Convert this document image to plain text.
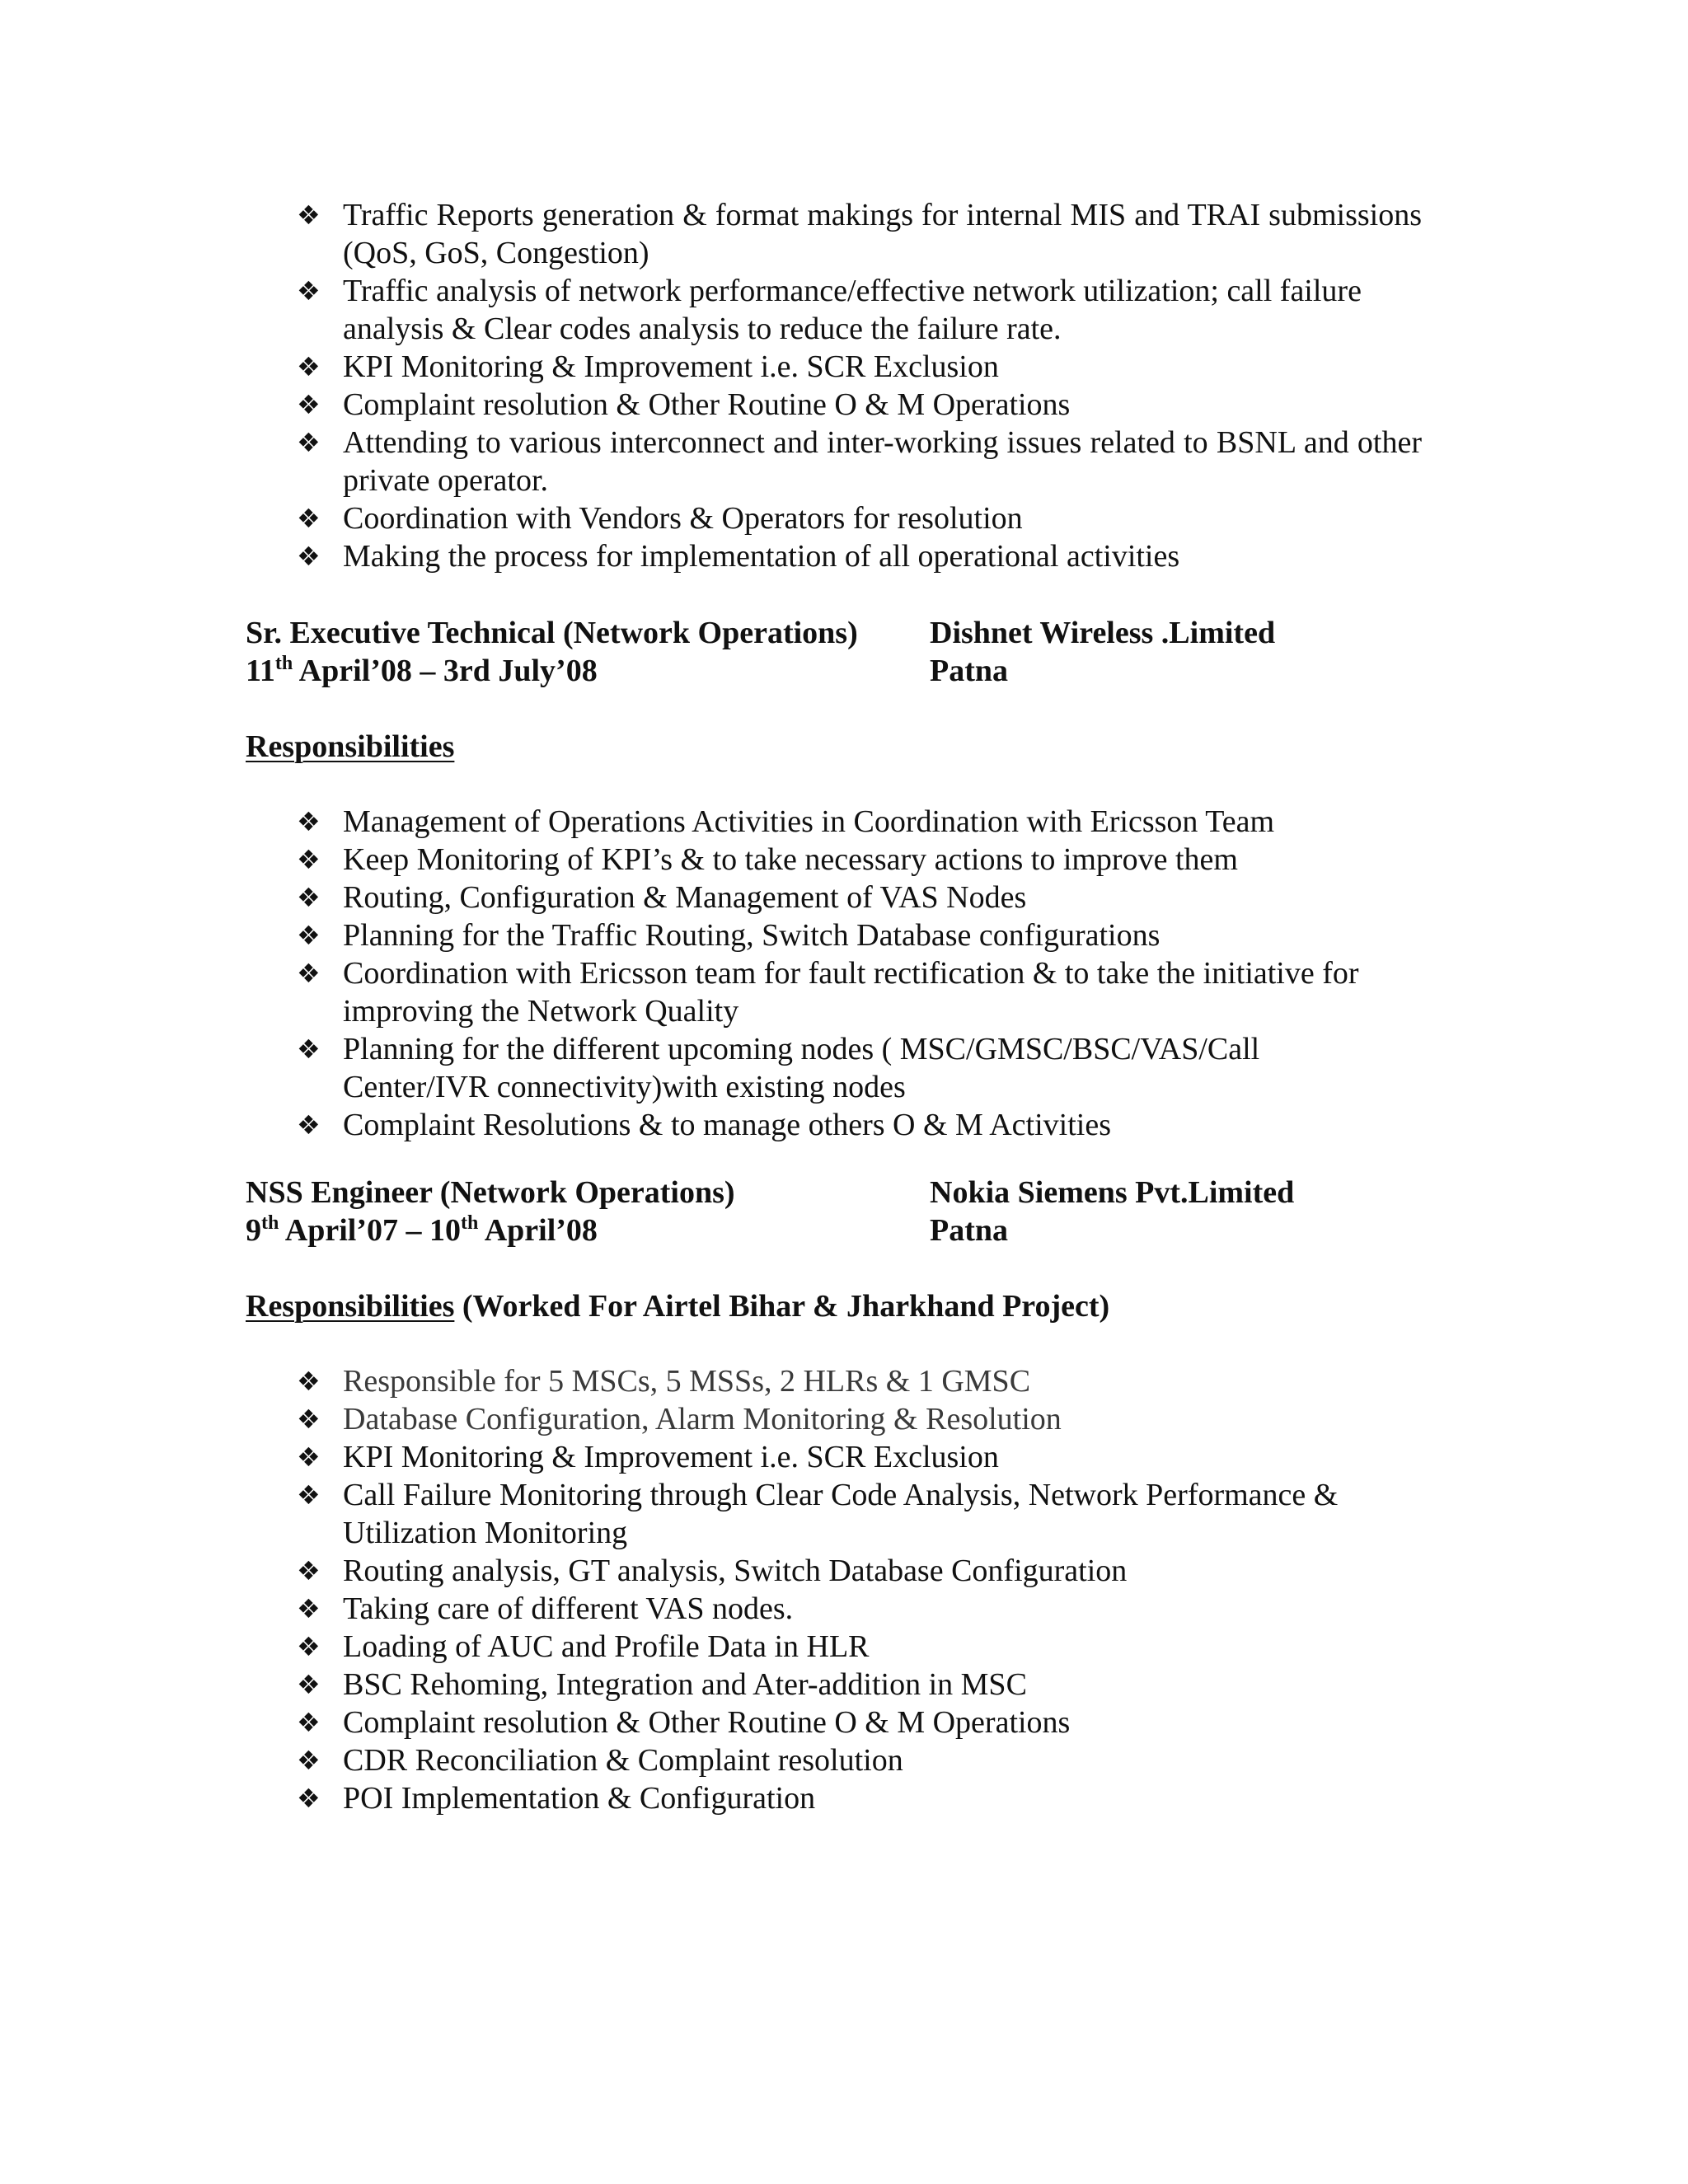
❖ Traffic Reports generation & format makings for internal MIS and TRAI submissions (QoS, GoS, Congestion)
❖ Traffic analysis of network performance/effective network utilization; call failure analysis & Clear codes analysis to reduce the failure rate.
❖ KPI Monitoring & Improvement i.e. SCR Exclusion
❖ Complaint resolution & Other Routine O & M Operations
❖ Attending to various interconnect and inter-working issues related to BSNL and other private operator.
❖ Coordination with Vendors & Operators for resolution
❖ Making the process for implementation of all operational activities
Sr. Executive Technical (Network Operations) Dishnet Wireless .Limited
11th April’08 – 3rd July’08	Patna
Responsibilities
❖ Management of Operations Activities in Coordination with Ericsson Team
❖ Keep Monitoring of KPI’s & to take necessary actions to improve them
❖ Routing, Configuration & Management of VAS Nodes
❖ Planning for the Traffic Routing, Switch Database configurations
❖ Coordination with Ericsson team for fault rectification & to take the initiative for improving the Network Quality
❖ Planning for the different upcoming nodes ( MSC/GMSC/BSC/VAS/Call Center/IVR connectivity)with existing nodes
❖ Complaint Resolutions & to manage others O & M Activities
NSS Engineer (Network Operations)	Nokia Siemens Pvt.Limited
9th April’07 – 10th April’08	Patna
Responsibilities (Worked For Airtel Bihar & Jharkhand Project)
❖ Responsible for 5 MSCs, 5 MSSs, 2 HLRs & 1 GMSC
❖ Database Configuration, Alarm Monitoring & Resolution
❖ KPI Monitoring & Improvement i.e. SCR Exclusion
❖ Call Failure Monitoring through Clear Code Analysis, Network Performance & Utilization Monitoring
❖ Routing analysis, GT analysis, Switch Database Configuration
❖ Taking care of different VAS nodes.
❖ Loading of AUC and Profile Data in HLR
❖ BSC Rehoming, Integration and Ater-addition in MSC
❖ Complaint resolution & Other Routine O & M Operations
❖ CDR Reconciliation & Complaint resolution
❖ POI Implementation & Configuration
